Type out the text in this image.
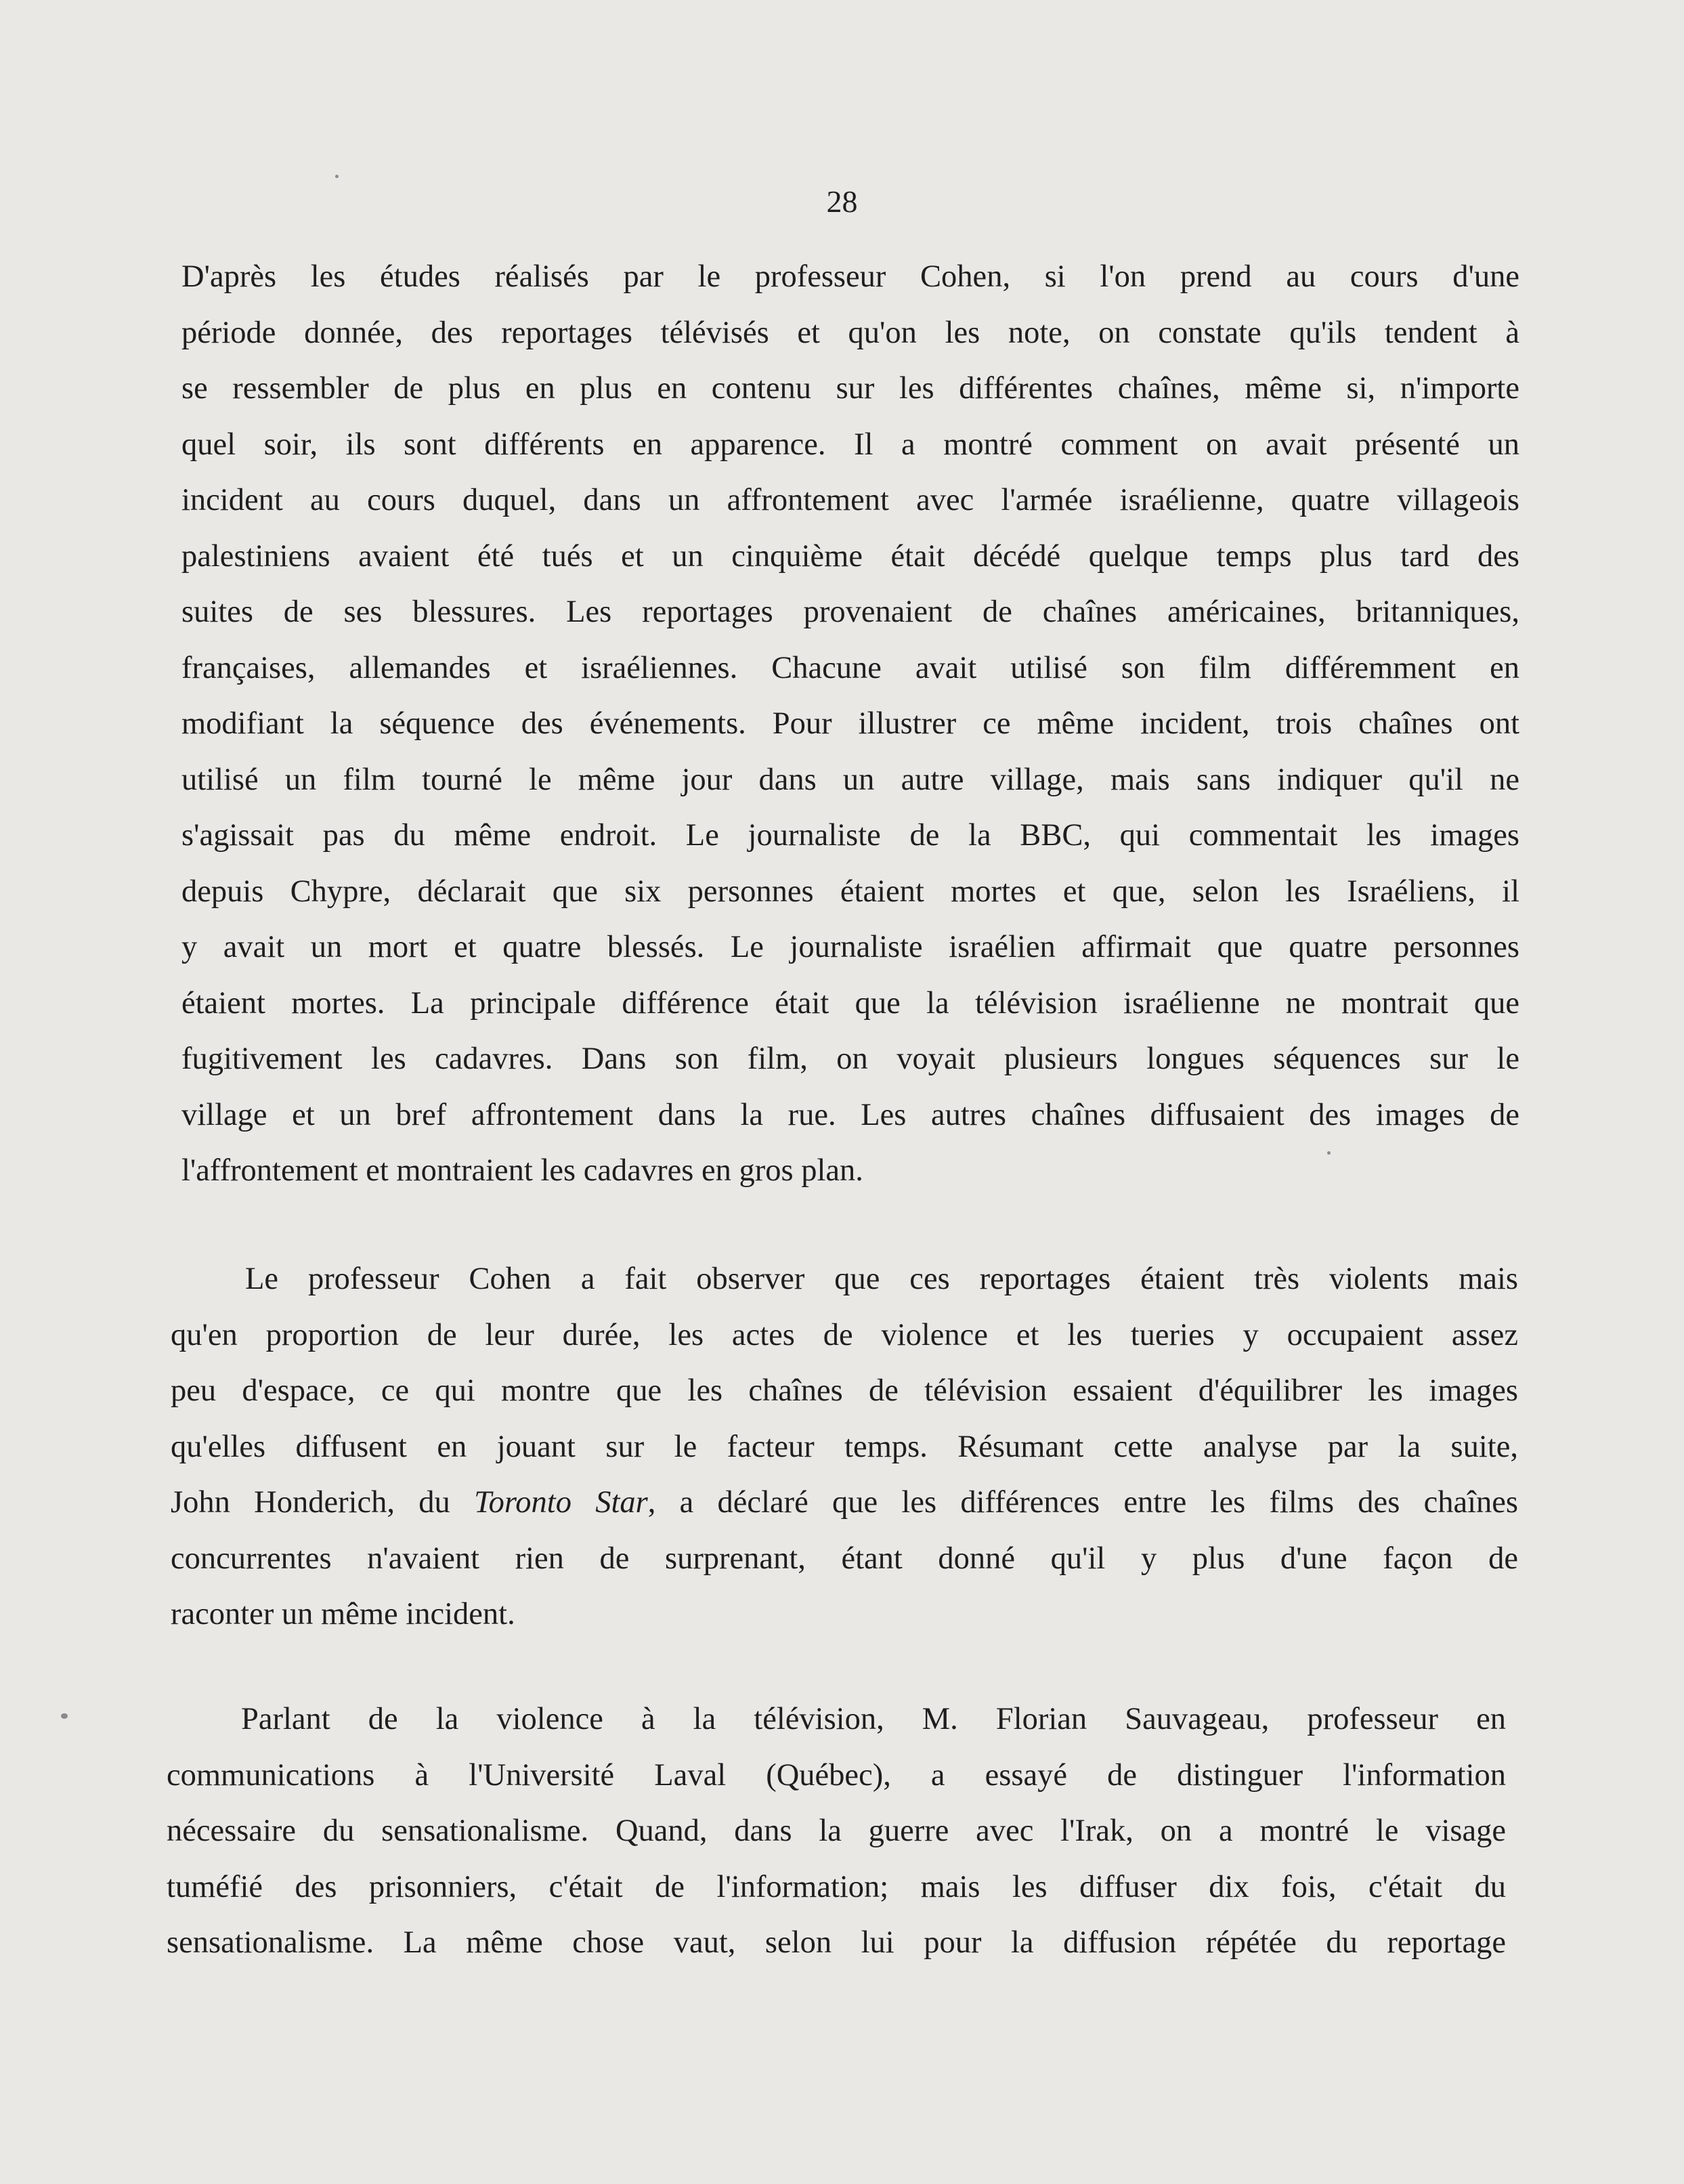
28
D'après les études réalisés par le professeur Cohen, si l'on prend au cours d'une
période donnée, des reportages télévisés et qu'on les note, on constate qu'ils tendent à
se ressembler de plus en plus en contenu sur les différentes chaînes, même si, n'importe
quel soir, ils sont différents en apparence. Il a montré comment on avait présenté un
incident au cours duquel, dans un affrontement avec l'armée israélienne, quatre villageois
palestiniens avaient été tués et un cinquième était décédé quelque temps plus tard des
suites de ses blessures. Les reportages provenaient de chaînes américaines, britanniques,
françaises, allemandes et israéliennes. Chacune avait utilisé son film différemment en
modifiant la séquence des événements. Pour illustrer ce même incident, trois chaînes ont
utilisé un film tourné le même jour dans un autre village, mais sans indiquer qu'il ne
s'agissait pas du même endroit. Le journaliste de la BBC, qui commentait les images
depuis Chypre, déclarait que six personnes étaient mortes et que, selon les Israéliens, il
y avait un mort et quatre blessés. Le journaliste israélien affirmait que quatre personnes
étaient mortes. La principale différence était que la télévision israélienne ne montrait que
fugitivement les cadavres. Dans son film, on voyait plusieurs longues séquences sur le
village et un bref affrontement dans la rue. Les autres chaînes diffusaient des images de
l'affrontement et montraient les cadavres en gros plan.
Le professeur Cohen a fait observer que ces reportages étaient très violents mais
qu'en proportion de leur durée, les actes de violence et les tueries y occupaient assez
peu d'espace, ce qui montre que les chaînes de télévision essaient d'équilibrer les images
qu'elles diffusent en jouant sur le facteur temps. Résumant cette analyse par la suite,
John Honderich, du Toronto Star, a déclaré que les différences entre les films des chaînes
concurrentes n'avaient rien de surprenant, étant donné qu'il y plus d'une façon de
raconter un même incident.
Parlant de la violence à la télévision, M. Florian Sauvageau, professeur en
communications à l'Université Laval (Québec), a essayé de distinguer l'information
nécessaire du sensationalisme. Quand, dans la guerre avec l'Irak, on a montré le visage
tuméfié des prisonniers, c'était de l'information; mais les diffuser dix fois, c'était du
sensationalisme. La même chose vaut, selon lui pour la diffusion répétée du reportage
